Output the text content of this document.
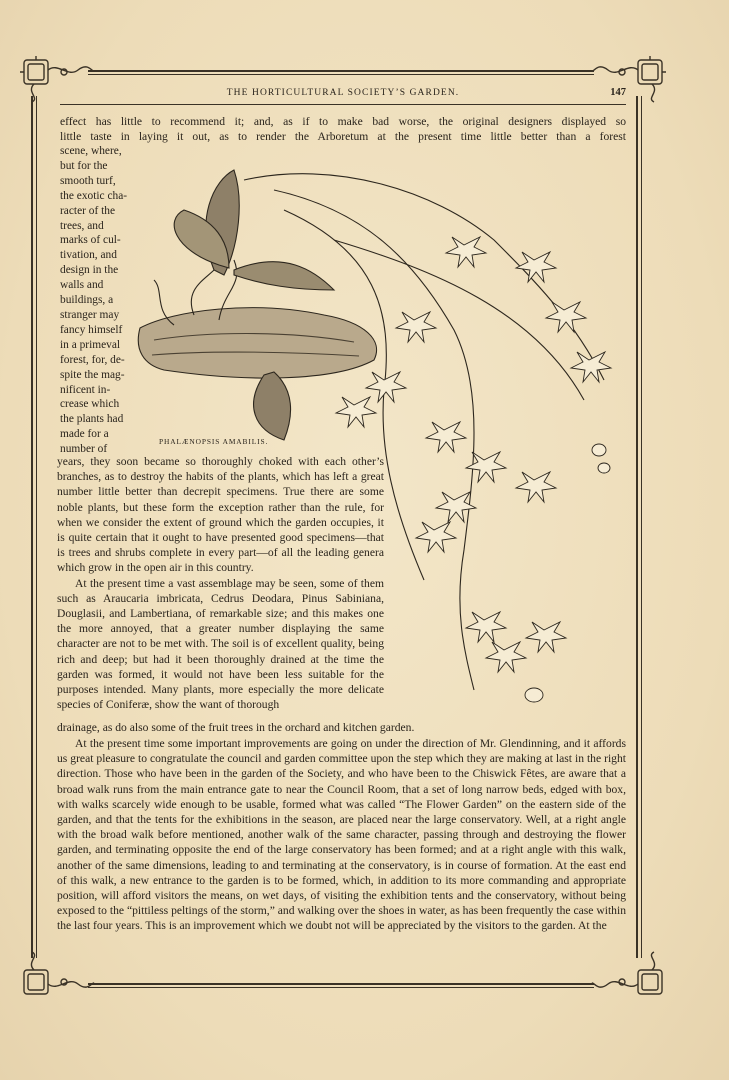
THE HORTICULTURAL SOCIETY’S GARDEN.	147
effect has little to recommend it; and, as if to make bad worse, the original designers displayed so
little taste in laying it out, as to render the Arboretum at the present time little better than a forest
scene, where,
but for the
smooth turf,
the exotic cha-
racter of the
trees, and
marks of cul-
tivation, and
design in the
walls and
buildings, a
stranger may
fancy himself
in a primeval
forest, for, de-
spite the mag-
nificent in-
crease which
the plants had
made for a
number of
PHALÆNOPSIS AMABILIS.

years, they soon became so thoroughly choked with each other’s branches, as to destroy the habits of the plants, which has left a great number little better than decrepit specimens. True there are some noble plants, but these form the exception rather than the rule, for when we consider the extent of ground which the garden occupies, it is quite certain that it ought to have presented good specimens—that is trees and shrubs complete in every part—of all the leading genera which grow in the open air in this country.

At the present time a vast assemblage may be seen, some of them such as Araucaria imbricata, Cedrus Deodara, Pinus Sabiniana, Douglasii, and Lambertiana, of remarkable size; and this makes one the more annoyed, that a greater number displaying the same character are not to be met with. The soil is of excellent quality, being rich and deep; but had it been thoroughly drained at the time the garden was formed, it would not have been less suitable for the purposes intended. Many plants, more especially the more delicate species of Coniferæ, show the want of thorough

drainage, as do also some of the fruit trees in the orchard and kitchen garden.

At the present time some important improvements are going on under the direction of Mr. Glendinning, and it affords us great pleasure to congratulate the council and garden committee upon the step which they are making at last in the right direction. Those who have been in the garden of the Society, and who have been to the Chiswick Fêtes, are aware that a broad walk runs from the main entrance gate to near the Council Room, that a set of long narrow beds, edged with box, with walks scarcely wide enough to be usable, formed what was called “The Flower Garden” on the eastern side of the garden, and that the tents for the exhibitions in the season, are placed near the large conservatory. Well, at a right angle with the broad walk before mentioned, another walk of the same character, passing through and destroying the flower garden, and terminating opposite the end of the large conservatory has been formed; and at a right angle with this walk, another of the same dimensions, leading to and terminating at the conservatory, is in course of formation. At the east end of this walk, a new entrance to the garden is to be formed, which, in addition to its more commanding and appropriate position, will afford visitors the means, on wet days, of visiting the exhibition tents and the conservatory, without being exposed to the “pittiless peltings of the storm,” and walking over the shoes in water, as has been frequently the case within the last four years. This is an improvement which we doubt not will be appreciated by the visitors to the garden. At the
